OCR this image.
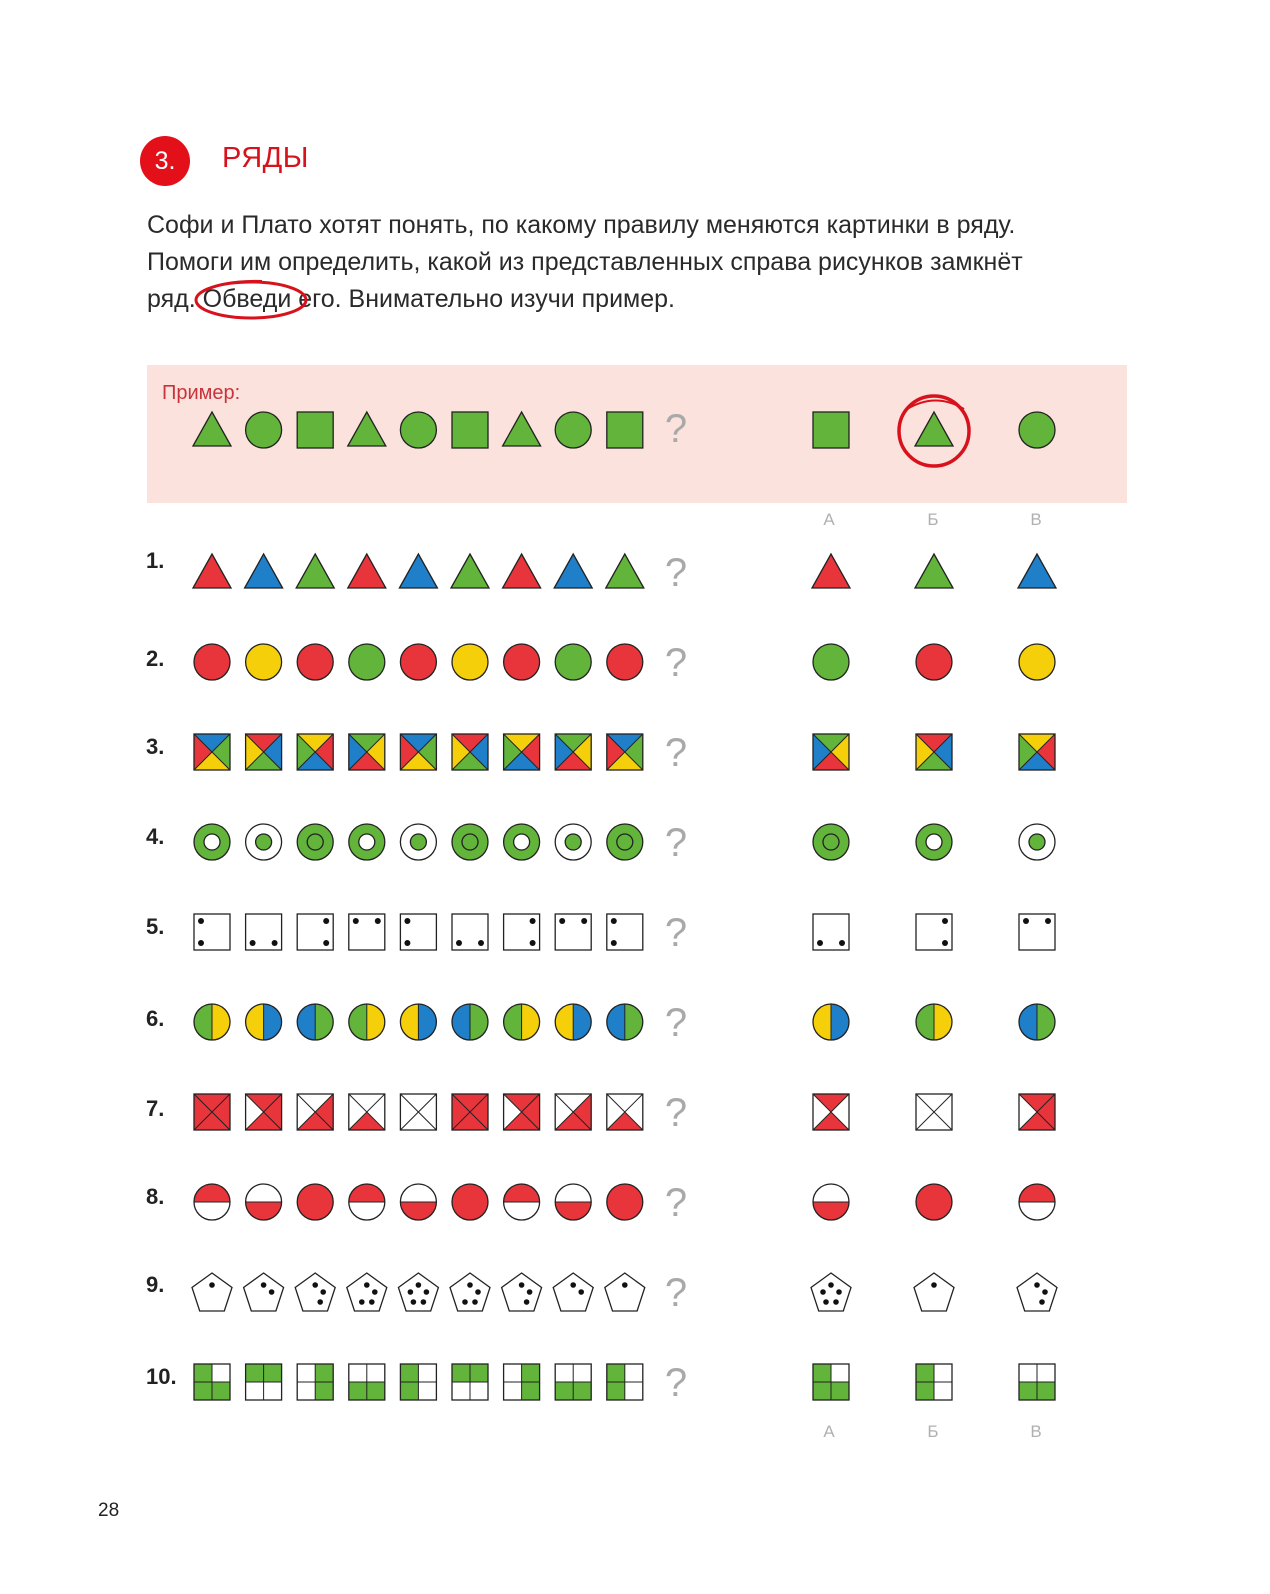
3.	РЯДЫ

Софи и Плато хотят понять, по какому правилу меняются картинки в ряду.

Помоги им определить, какой из представленных справа рисунков замкнёт

ряд. Обведи его. Внимательно изучи пример.

Пример:
А	Б	В
1.
2.
3.
4.
5.
6.
7.
8.
9.
10.
?
?
?
?
?
?
?
?
?
?
?
А	Б	В
28
